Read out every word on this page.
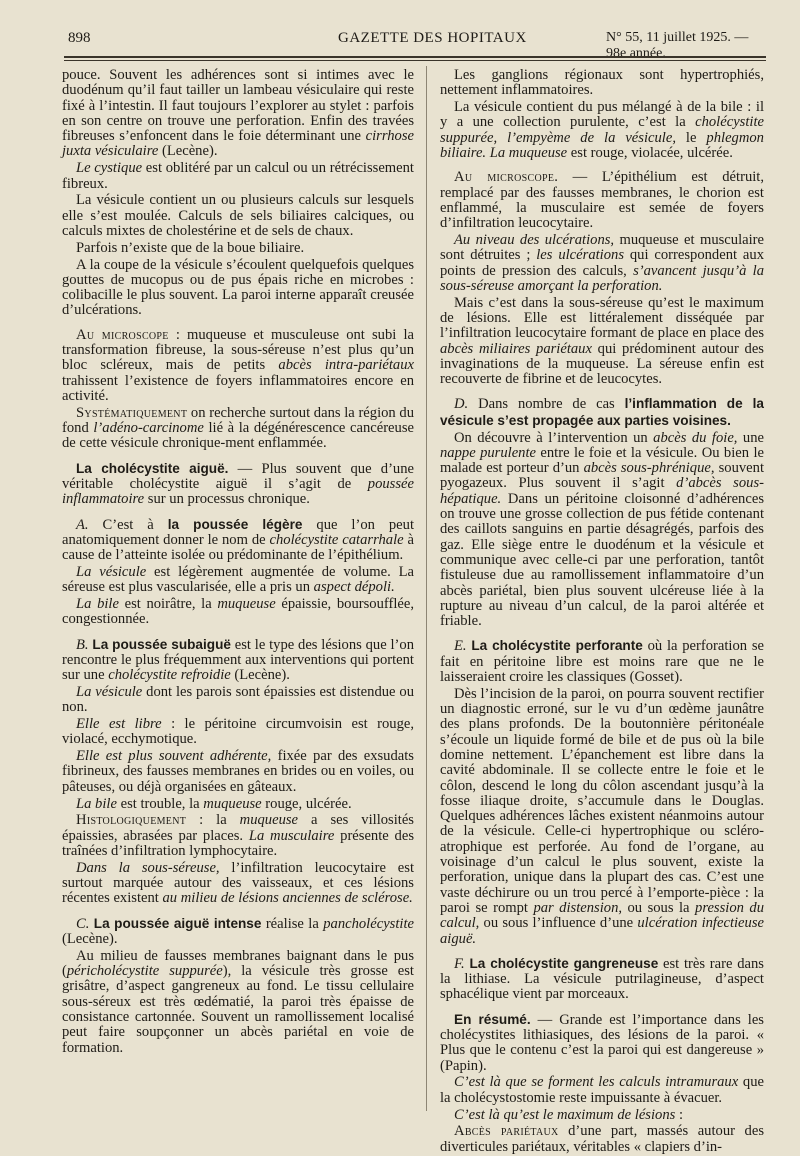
898	GAZETTE DES HOPITAUX	N° 55, 11 juillet 1925. — 98e année.

pouce. Souvent les adhérences sont si intimes avec le duodénum qu’il faut tailler un lambeau vésiculaire qui reste fixé à l’intestin. Il faut toujours l’explorer au stylet : parfois en son centre on trouve une perforation. Enfin des travées fibreuses s’enfoncent dans le foie déterminant une cirrhose juxta vésiculaire (Lecène).

Le cystique est oblitéré par un calcul ou un rétrécissement fibreux.

La vésicule contient un ou plusieurs calculs sur lesquels elle s’est moulée. Calculs de sels biliaires calciques, ou calculs mixtes de cholestérine et de sels de chaux.

Parfois n’existe que de la boue biliaire.

A la coupe de la vésicule s’écoulent quelquefois quelques gouttes de mucopus ou de pus épais riche en microbes : colibacille le plus souvent. La paroi interne apparaît creusée d’ulcérations.

Au microscope : muqueuse et musculeuse ont subi la transformation fibreuse, la sous-séreuse n’est plus qu’un bloc scléreux, mais de petits abcès intra-pariétaux trahissent l’existence de foyers inflammatoires encore en activité.

Systématiquement on recherche surtout dans la région du fond l’adéno-carcinome lié à la dégénérescence cancéreuse de cette vésicule chronique-ment enflammée.

La cholécystite aiguë. — Plus souvent que d’une véritable cholécystite aiguë il s’agit de poussée inflammatoire sur un processus chronique.

A. C’est à la poussée légère que l’on peut anatomiquement donner le nom de cholécystite catarrhale à cause de l’atteinte isolée ou prédominante de l’épithélium.

La vésicule est légèrement augmentée de volume. La séreuse est plus vascularisée, elle a pris un aspect dépoli.

La bile est noirâtre, la muqueuse épaissie, boursoufflée, congestionnée.

B. La poussée subaiguë est le type des lésions que l’on rencontre le plus fréquemment aux interventions qui portent sur une cholécystite refroidie (Lecène).

La vésicule dont les parois sont épaissies est distendue ou non.

Elle est libre : le péritoine circumvoisin est rouge, violacé, ecchymotique.

Elle est plus souvent adhérente, fixée par des exsudats fibrineux, des fausses membranes en brides ou en voiles, ou pâteuses, ou déjà organisées en gâteaux.

La bile est trouble, la muqueuse rouge, ulcérée.

Histologiquement : la muqueuse a ses villosités épaissies, abrasées par places. La musculaire présente des traînées d’infiltration lymphocytaire.

Dans la sous-séreuse, l’infiltration leucocytaire est surtout marquée autour des vaisseaux, et ces lésions récentes existent au milieu de lésions anciennes de sclérose.

C. La poussée aiguë intense réalise la pancholécystite (Lecène).

Au milieu de fausses membranes baignant dans le pus (péricholécystite suppurée), la vésicule très grosse est grisâtre, d’aspect gangreneux au fond. Le tissu cellulaire sous-séreux est très œdématié, la paroi très épaisse de consistance cartonnée. Souvent un ramollissement localisé peut faire soupçonner un abcès pariétal en voie de formation.

Les ganglions régionaux sont hypertrophiés, nettement inflammatoires.

La vésicule contient du pus mélangé à de la bile : il y a une collection purulente, c’est la cholécystite suppurée, l’empyème de la vésicule, le phlegmon biliaire. La muqueuse est rouge, violacée, ulcérée.

Au microscope. — L’épithélium est détruit, remplacé par des fausses membranes, le chorion est enflammé, la musculaire est semée de foyers d’infiltration leucocytaire.

Au niveau des ulcérations, muqueuse et musculaire sont détruites ; les ulcérations qui correspondent aux points de pression des calculs, s’avancent jusqu’à la sous-séreuse amorçant la perforation.

Mais c’est dans la sous-séreuse qu’est le maximum de lésions. Elle est littéralement disséquée par l’infiltration leucocytaire formant de place en place des abcès miliaires pariétaux qui prédominent autour des invaginations de la muqueuse. La séreuse enfin est recouverte de fibrine et de leucocytes.

D. Dans nombre de cas l’inflammation de la vésicule s’est propagée aux parties voisines.

On découvre à l’intervention un abcès du foie, une nappe purulente entre le foie et la vésicule. Ou bien le malade est porteur d’un abcès sous-phrénique, souvent pyogazeux. Plus souvent il s’agit d’abcès sous-hépatique. Dans un péritoine cloisonné d’adhérences on trouve une grosse collection de pus fétide contenant des caillots sanguins en partie désagrégés, parfois des gaz. Elle siège entre le duodénum et la vésicule et communique avec celle-ci par une perforation, tantôt fistuleuse due au ramollissement inflammatoire d’un abcès pariétal, bien plus souvent ulcéreuse liée à la rupture au niveau d’un calcul, de la paroi altérée et friable.

E. La cholécystite perforante où la perforation se fait en péritoine libre est moins rare que ne le laisseraient croire les classiques (Gosset).

Dès l’incision de la paroi, on pourra souvent rectifier un diagnostic erroné, sur le vu d’un œdème jaunâtre des plans profonds. De la boutonnière péritonéale s’écoule un liquide formé de bile et de pus où la bile domine nettement. L’épanchement est libre dans la cavité abdominale. Il se collecte entre le foie et le côlon, descend le long du côlon ascendant jusqu’à la fosse iliaque droite, s’accumule dans le Douglas. Quelques adhérences lâches existent néanmoins autour de la vésicule. Celle-ci hypertrophique ou scléro-atrophique est perforée. Au fond de l’organe, au voisinage d’un calcul le plus souvent, existe la perforation, unique dans la plupart des cas. C’est une vaste déchirure ou un trou percé à l’emporte-pièce : la paroi se rompt par distension, ou sous la pression du calcul, ou sous l’influence d’une ulcération infectieuse aiguë.

F. La cholécystite gangreneuse est très rare dans la lithiase. La vésicule putrilagineuse, d’aspect sphacélique vient par morceaux.

En résumé. — Grande est l’importance dans les cholécystites lithiasiques, des lésions de la paroi. « Plus que le contenu c’est la paroi qui est dangereuse » (Papin).

C’est là que se forment les calculs intramuraux que la cholécystostomie reste impuissante à évacuer.

C’est là qu’est le maximum de lésions :

Abcès pariétaux d’une part, massés autour des diverticules pariétaux, véritables « clapiers d’in-
